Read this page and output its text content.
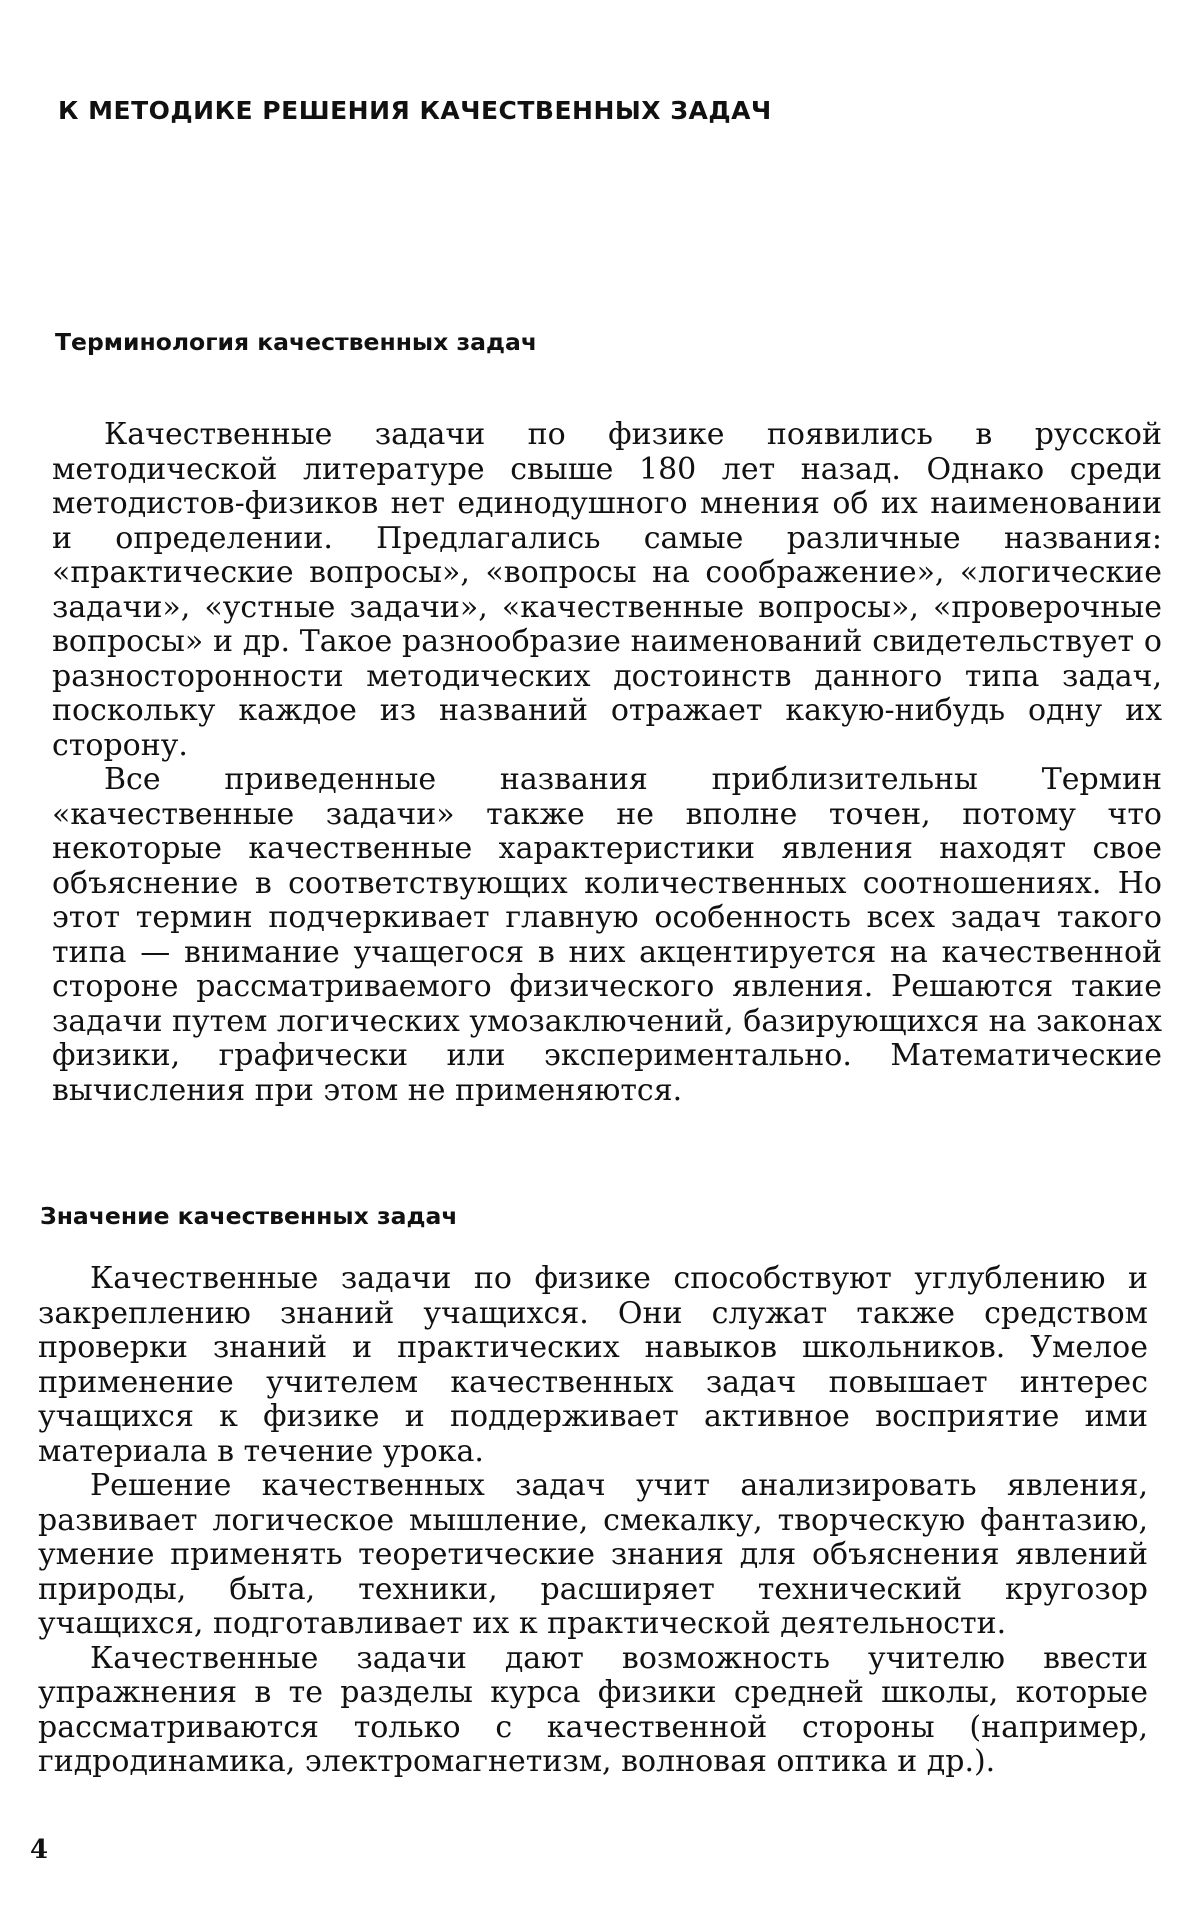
К МЕТОДИКЕ РЕШЕНИЯ КАЧЕСТВЕННЫХ ЗАДАЧ
Терминология качественных задач

Качественные задачи по физике появились в русской методической литературе свыше 180 лет назад. Однако среди методистов-физиков нет единодушного мнения об их наименовании и определении. Предлагались самые различные названия: «практические вопросы», «вопросы на соображение», «логические задачи», «устные задачи», «качественные вопросы», «проверочные вопросы» и др. Такое разнообразие наименований свидетельствует о разносторонности методических достоинств данного типа задач, поскольку каждое из названий отражает какую-нибудь одну их сторону.

Все приведенные названия приблизительны Термин «качественные задачи» также не вполне точен, потому что некоторые качественные характеристики явления находят свое объяснение в соответствующих количественных соотношениях. Но этот термин подчеркивает главную особенность всех задач такого типа — внимание учащегося в них акцентируется на качественной стороне рассматриваемого физического явления. Решаются такие задачи путем логических умозаключений, базирующихся на законах физики, графически или экспериментально. Математические вычисления при этом не применяются.

Значение качественных задач

Качественные задачи по физике способствуют углублению и закреплению знаний учащихся. Они служат также средством проверки знаний и практических навыков школьников. Умелое применение учителем качественных задач повышает интерес учащихся к физике и поддерживает активное восприятие ими материала в течение урока.

Решение качественных задач учит анализировать явления, развивает логическое мышление, смекалку, творческую фантазию, умение применять теоретические знания для объяснения явлений природы, быта, техники, расширяет технический кругозор учащихся, подготавливает их к практической деятельности.

Качественные задачи дают возможность учителю ввести упражнения в те разделы курса физики средней школы, которые рассматриваются только с качественной стороны (например, гидродинамика, электромагнетизм, волновая оптика и др.).

4
